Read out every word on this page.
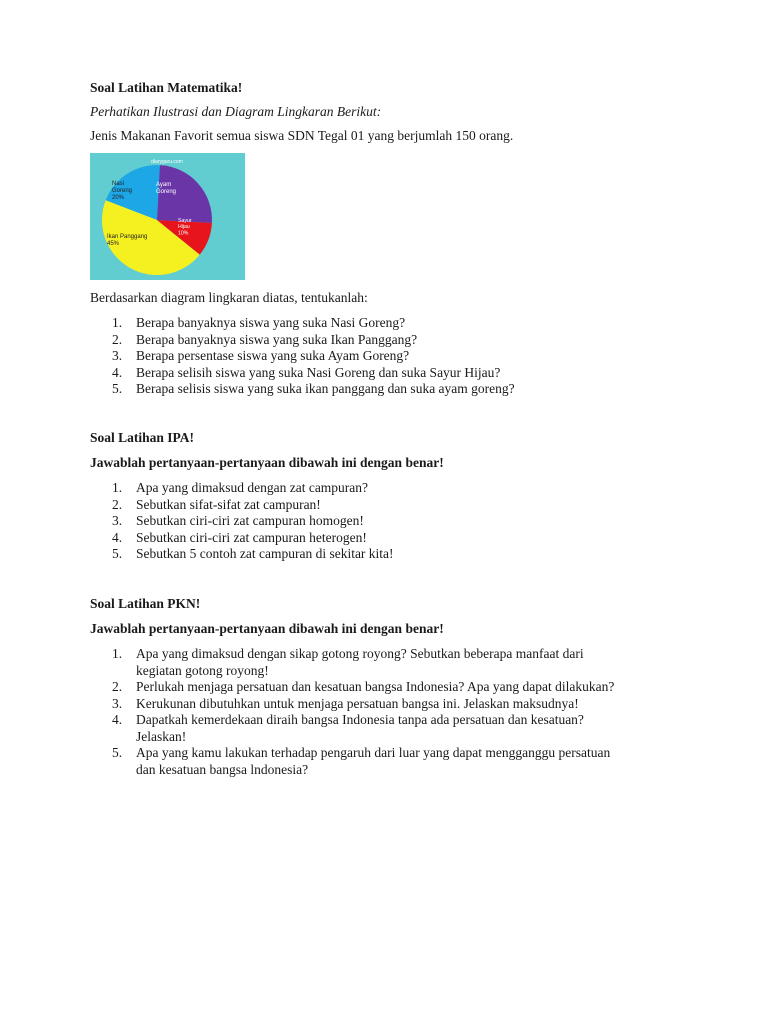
Soal Latihan Matematika!
Perhatikan Ilustrasi dan Diagram Lingkaran Berikut:
Jenis Makanan Favorit semua siswa SDN Tegal 01 yang berjumlah 150 orang.
diaryguru.com
Ayam
Goreng
Sayur
Hijau
10%
Ikan Panggang
45%
Nasi
Goreng
20%
Berdasarkan diagram lingkaran diatas, tentukanlah:
1. Berapa banyaknya siswa yang suka Nasi Goreng?
2. Berapa banyaknya siswa yang suka Ikan Panggang?
3. Berapa persentase siswa yang suka Ayam Goreng?
4. Berapa selisih siswa yang suka Nasi Goreng dan suka Sayur Hijau?
5. Berapa selisis siswa yang suka ikan panggang dan suka ayam goreng?
Soal Latihan IPA!
Jawablah pertanyaan-pertanyaan dibawah ini dengan benar!
1. Apa yang dimaksud dengan zat campuran?
2. Sebutkan sifat-sifat zat campuran!
3. Sebutkan ciri-ciri zat campuran homogen!
4. Sebutkan ciri-ciri zat campuran heterogen!
5. Sebutkan 5 contoh zat campuran di sekitar kita!
Soal Latihan PKN!
Jawablah pertanyaan-pertanyaan dibawah ini dengan benar!
1. Apa yang dimaksud dengan sikap gotong royong? Sebutkan beberapa manfaat dari
kegiatan gotong royong!
2. Perlukah menjaga persatuan dan kesatuan bangsa Indonesia? Apa yang dapat dilakukan?
3. Kerukunan dibutuhkan untuk menjaga persatuan bangsa ini. Jelaskan maksudnya!
4. Dapatkah kemerdekaan diraih bangsa Indonesia tanpa ada persatuan dan kesatuan?
Jelaskan!
5. Apa yang kamu lakukan terhadap pengaruh dari luar yang dapat mengganggu persatuan
dan kesatuan bangsa lndonesia?
